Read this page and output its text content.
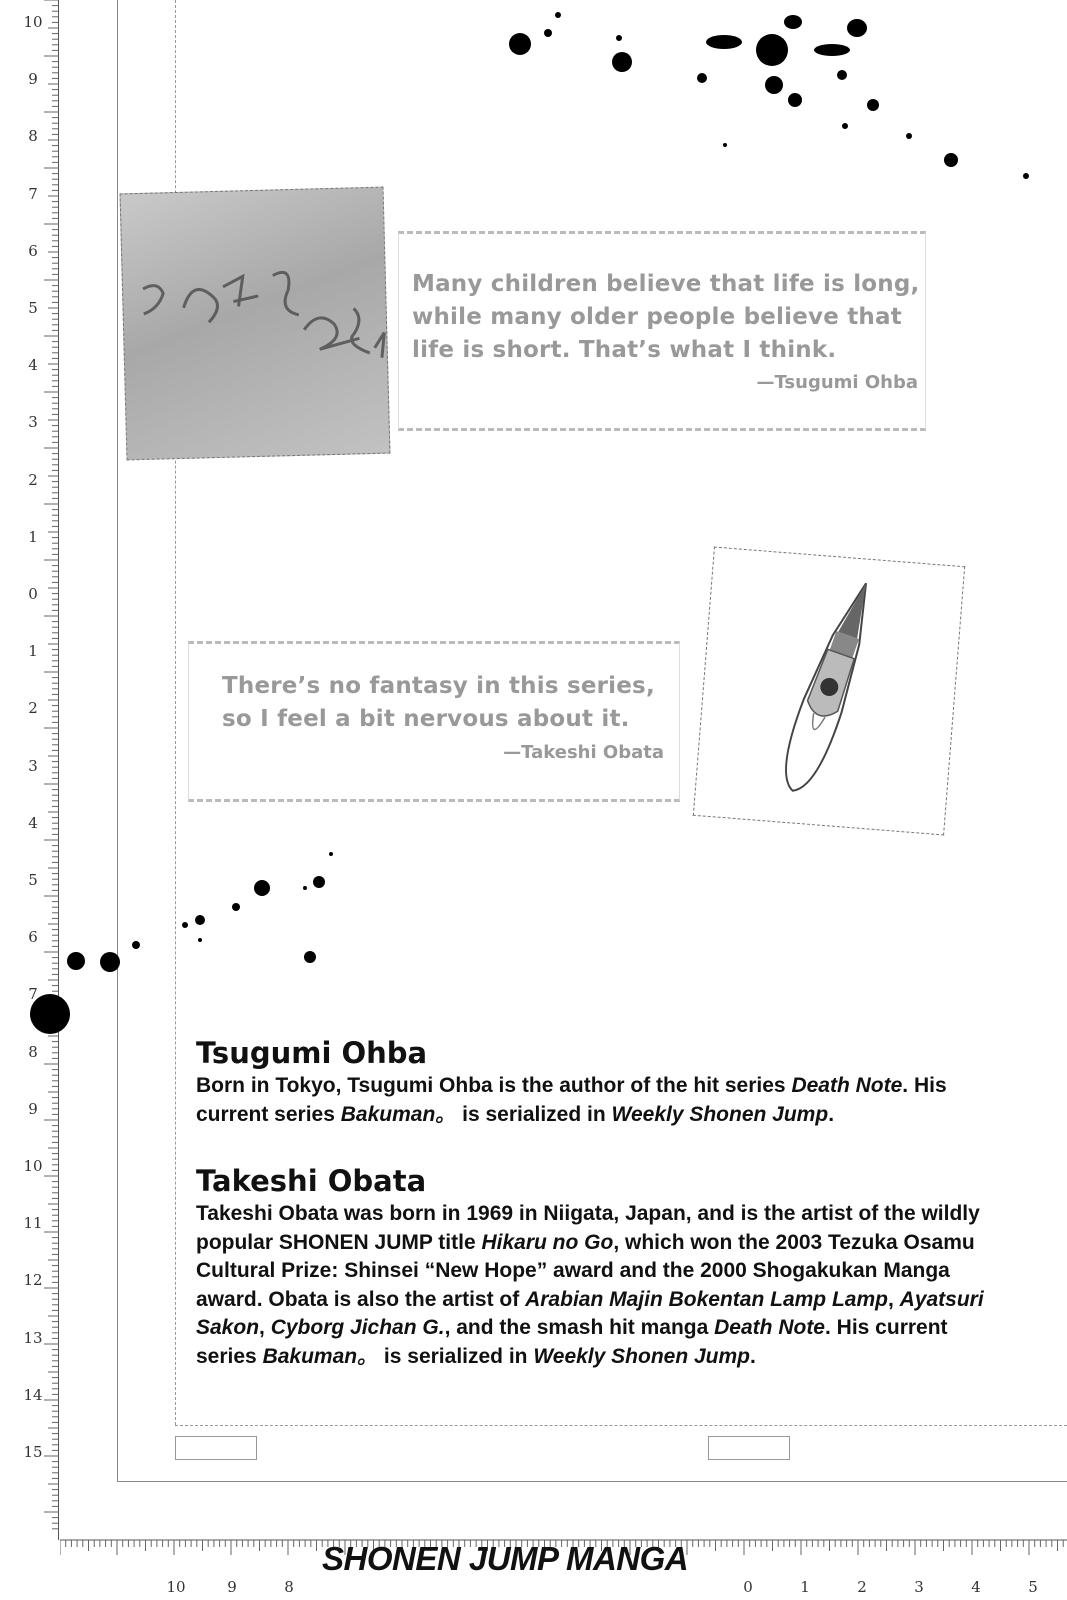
10
9
8
7
6
5
4
3
2
1
0
1
2
3
4
5
6
7
8
9
10
11
12
13
14
15
10	9	8	0	1	2	3	4	5
Many children believe that life is long,
while many older people believe that
life is short. That’s what I think.
—Tsugumi Ohba
There’s no fantasy in this series,
so I feel a bit nervous about it.
—Takeshi Obata
Tsugumi Ohba
Born in Tokyo, Tsugumi Ohba is the author of the hit series Death Note. His current series Bakuman。 is serialized in Weekly Shonen Jump.
Takeshi Obata
Takeshi Obata was born in 1969 in Niigata, Japan, and is the artist of the wildly popular SHONEN JUMP title Hikaru no Go, which won the 2003 Tezuka Osamu Cultural Prize: Shinsei “New Hope” award and the 2000 Shogakukan Manga award. Obata is also the artist of Arabian Majin Bokentan Lamp Lamp, Ayatsuri Sakon, Cyborg Jichan G., and the smash hit manga Death Note. His current series Bakuman。 is serialized in Weekly Shonen Jump.
SHONEN JUMP MANGA
